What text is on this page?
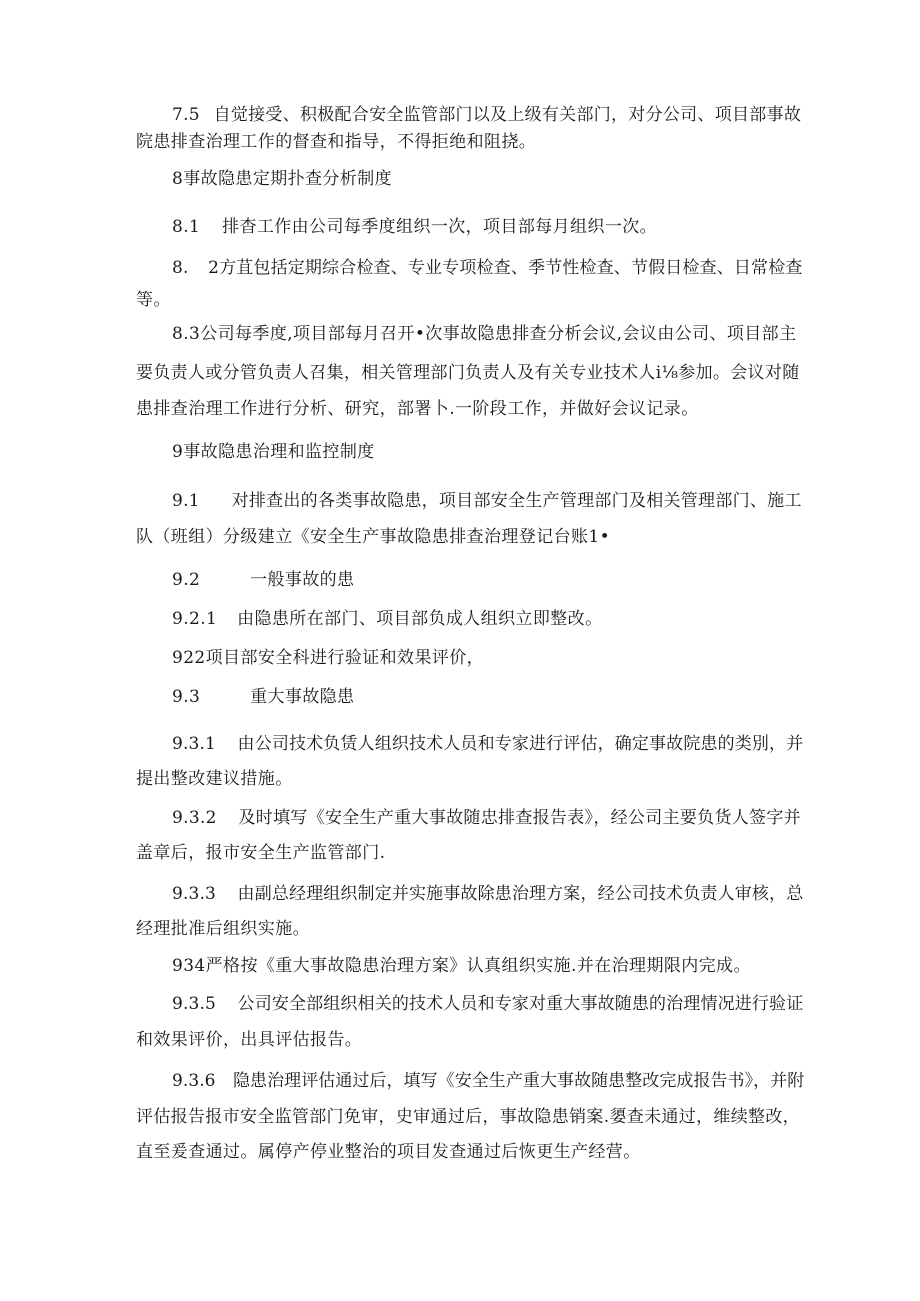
7.5 自觉接受、积极配合安全监管部门以及上级有关部门，对分公司、项目部事故
院患排查治理工作的督查和指导，不得拒绝和阻挠。
8事故隐患定期扑查分析制度
8.1 排杳工作由公司每季度组织一次，项目部每月组织一次。
8. 2方苴包括定期综合检查、专业专项检查、季节性检查、节假日检查、日常检查
等。
8.3公司每季度,项目部每月召开•次事故隐患排查分析会议,会议由公司、项目部主
要负责人或分管负责人召集，相关管理部门负责人及有关专业技术人i⅛参加。会议对随
患排查治理工作进行分析、研究，部署卜.一阶段工作，并做好会议记录。
9事故隐患治理和监控制度
9.1 对排查出的各类事故隐患，项目部安全生产管理部门及相关管理部门、施工
队（班组）分级建立《安全生产事故隐患排查治理登记台账1•
9.2	一般事故的患
9.2.1 由隐患所在部门、项目部负成人组织立即整改。
922项目部安全科进行验证和效果评价，
9.3	重大事故隐患
9.3.1 由公司技术负赁人组织技术人员和专家进行评估，确定事故院患的类別，并
提出整改建议措施。
9.3.2 及时填写《安全生产重大事故随忠排查报告表》，经公司主要负货人签字并
盖章后，报市安全生产监管部门.
9.3.3 由副总经理组织制定并实施事故除患治理方案，经公司技术负责人审核，总
经理批准后组织实施。
934严格按《重大事故隐患治理方案》认真组织实施.并在治理期限内完成。
9.3.5 公司安全部组织相关的技术人员和专家对重大事故随患的治理情况进行验证
和效果评价，出具评估报告。
9.3.6 隐患治理评估通过后，填写《安全生产重大事故随患整改完成报告书》，并附
评估报告报市安全监管部门免审，史审通过后，事故隐患销案.嬃查未通过，维续整改，
直至爰查通过。属停产停业整治的项目发查通过后恢更生产经营。
